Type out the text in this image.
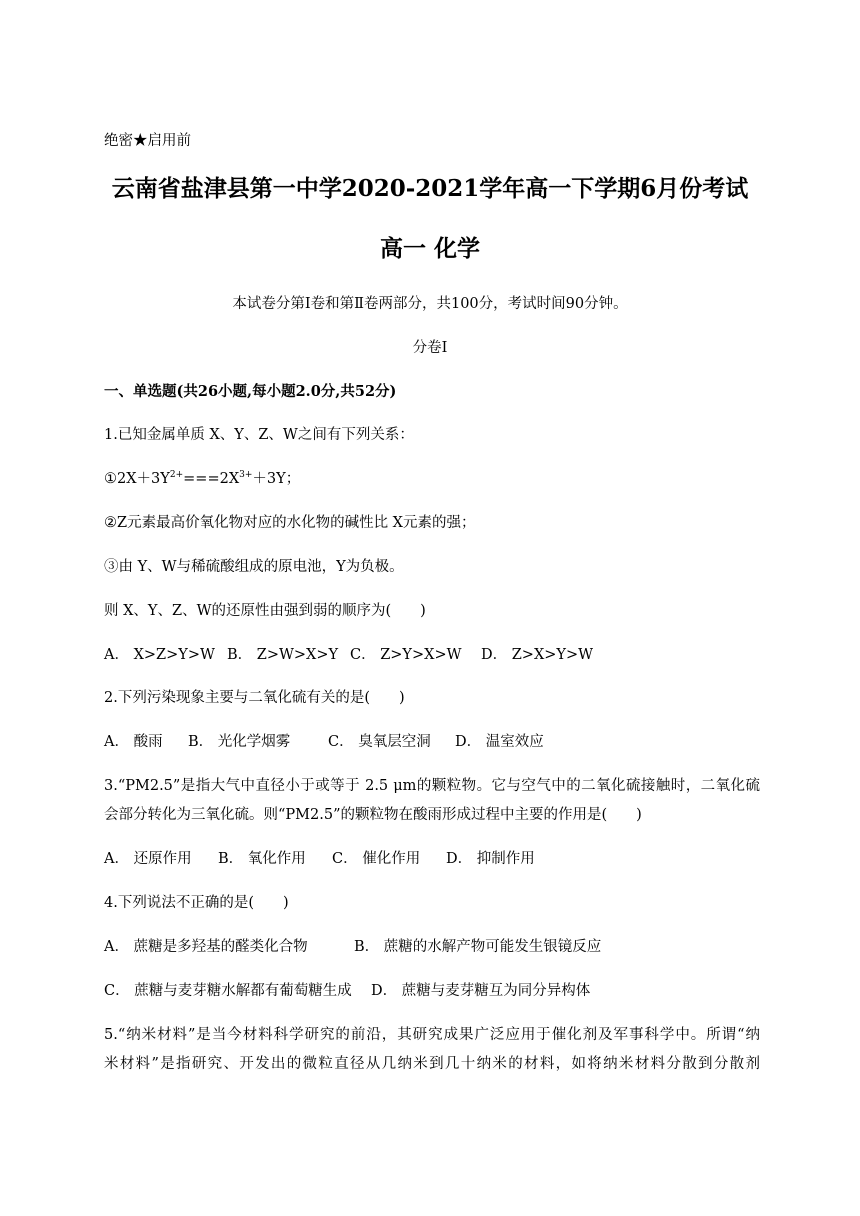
绝密★启用前
云南省盐津县第一中学2020-2021学年高一下学期6月份考试
高一 化学
本试卷分第Ⅰ卷和第Ⅱ卷两部分，共100分，考试时间90分钟。
分卷I
一、单选题(共26小题,每小题2.0分,共52分)
1.已知金属单质 X、Y、Z、W之间有下列关系：
$①2X+3Y^{2+}===2X^{3+}+3Y$；
②Z元素最高价氧化物对应的水化物的碱性比 X元素的强；
③由 Y、W与稀硫酸组成的原电池，Y为负极。
则 X、Y、Z、W的还原性由强到弱的顺序为(　　)
A． X>Z>Y>W B． Z>W>X>Y C． Z>Y>X>W D． Z>X>Y>W
2.下列污染现象主要与二氧化硫有关的是(　　)
A． 酸雨 B． 光化学烟雾	C． 臭氧层空洞 D． 温室效应
3.“PM2.5”是指大气中直径小于或等于 2.5 μm的颗粒物。它与空气中的二氧化硫接触时，二氧化硫
会部分转化为三氧化硫。则“PM2.5”的颗粒物在酸雨形成过程中主要的作用是(　　)
A． 还原作用 B． 氧化作用 C． 催化作用 D． 抑制作用
4.下列说法不正确的是(　　)
A． 蔗糖是多羟基的醛类化合物	B． 蔗糖的水解产物可能发生银镜反应
C． 蔗糖与麦芽糖水解都有葡萄糖生成 D． 蔗糖与麦芽糖互为同分异构体
5.“纳米材料”是当今材料科学研究的前沿，其研究成果广泛应用于催化剂及军事科学中。所谓“纳
米材料”是指研究、开发出的微粒直径从几纳米到几十纳米的材料，如将纳米材料分散到分散剂
